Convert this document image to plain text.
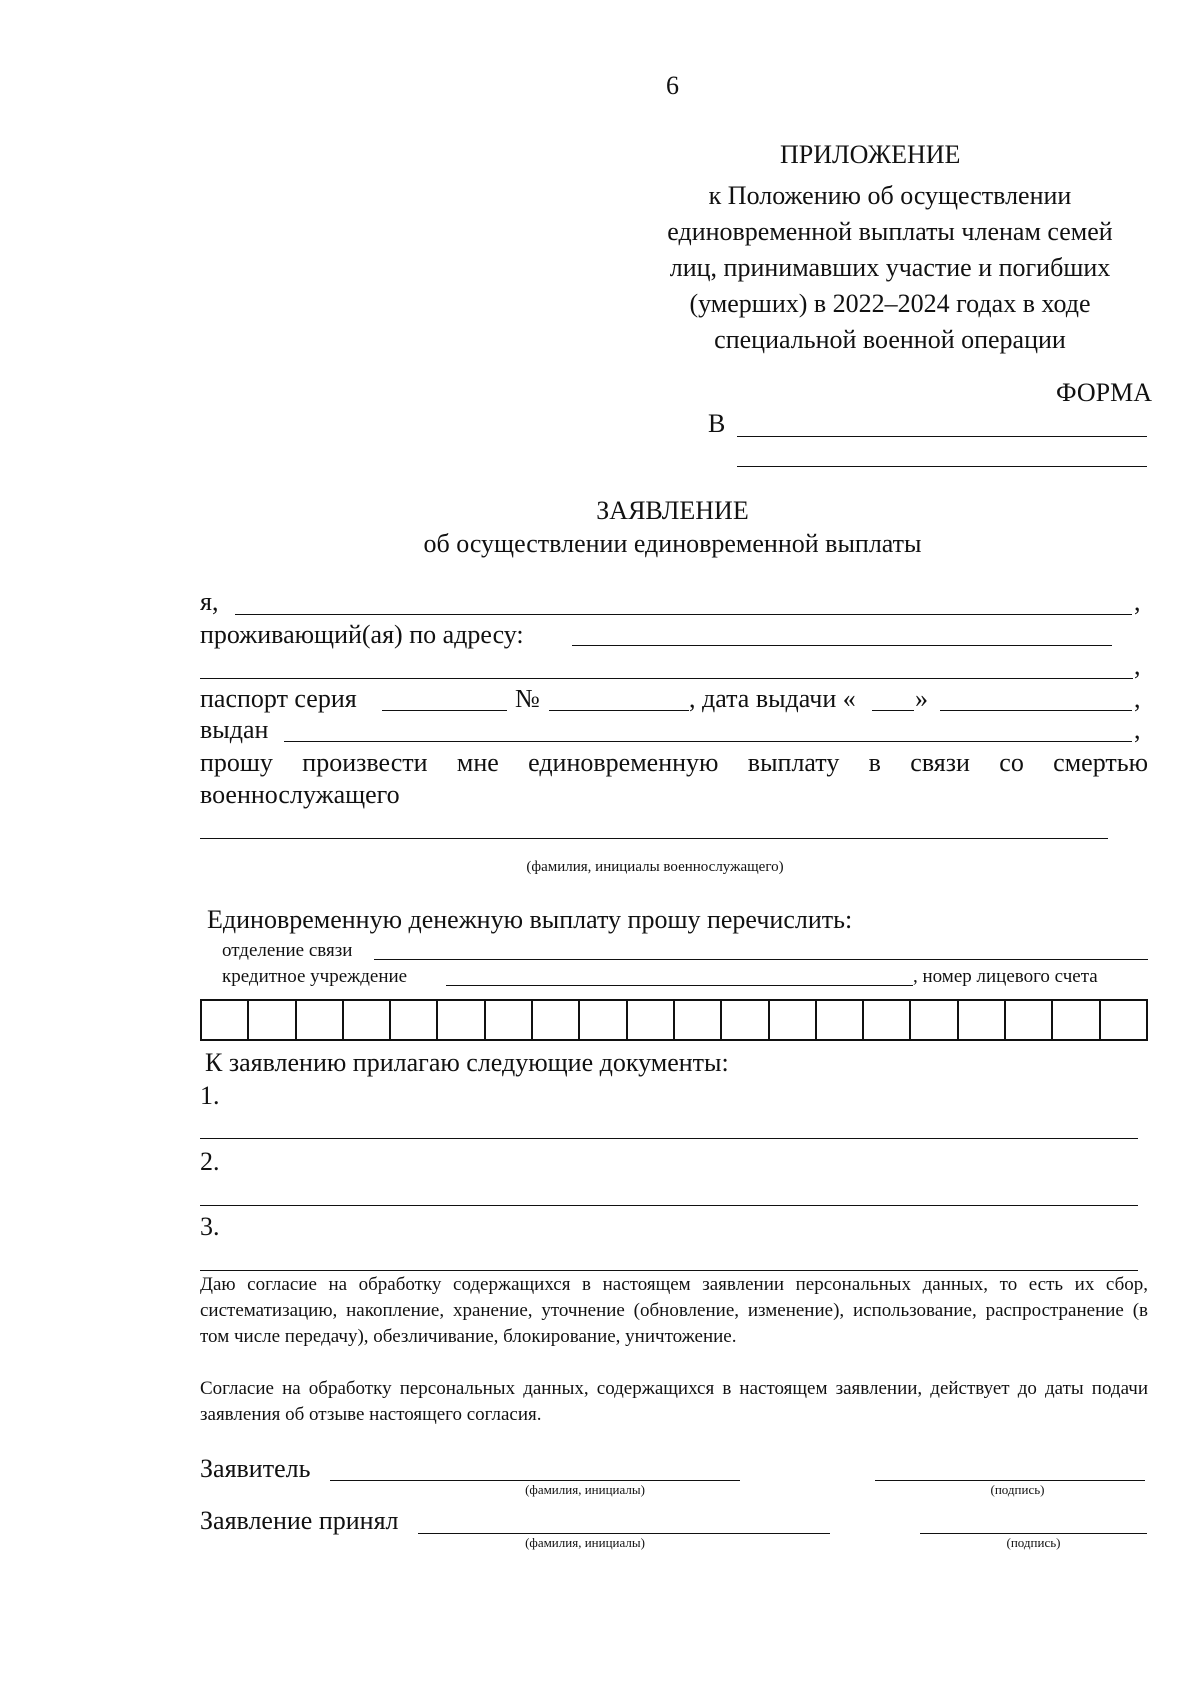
6
ПРИЛОЖЕНИЕ
к Положению об осуществлении
единовременной выплаты членам семей
лиц, принимавших участие и погибших
(умерших) в 2022–2024 годах в ходе
специальной военной операции
ФОРМА
В
ЗАЯВЛЕНИЕ
об осуществлении единовременной выплаты
я,	,
проживающий(ая) по адресу:
,
паспорт серия	№	, дата выдачи « »	,
выдан	,
прошу произвести мне единовременную выплату в связи со смертью
военнослужащего
(фамилия, инициалы военнослужащего)
Единовременную денежную выплату прошу перечислить:
отделение связи
кредитное учреждение	, номер лицевого счета
К заявлению прилагаю следующие документы:
1.
2.
3.
Даю согласие на обработку содержащихся в настоящем заявлении персональных данных, то есть их сбор, систематизацию, накопление, хранение, уточнение (обновление, изменение), использование, распространение (в том числе передачу), обезличивание, блокирование, уничтожение.
Согласие на обработку персональных данных, содержащихся в настоящем заявлении, действует до даты подачи заявления об отзыве настоящего согласия.
Заявитель
(фамилия, инициалы)	(подпись)
Заявление принял
(фамилия, инициалы)	(подпись)
